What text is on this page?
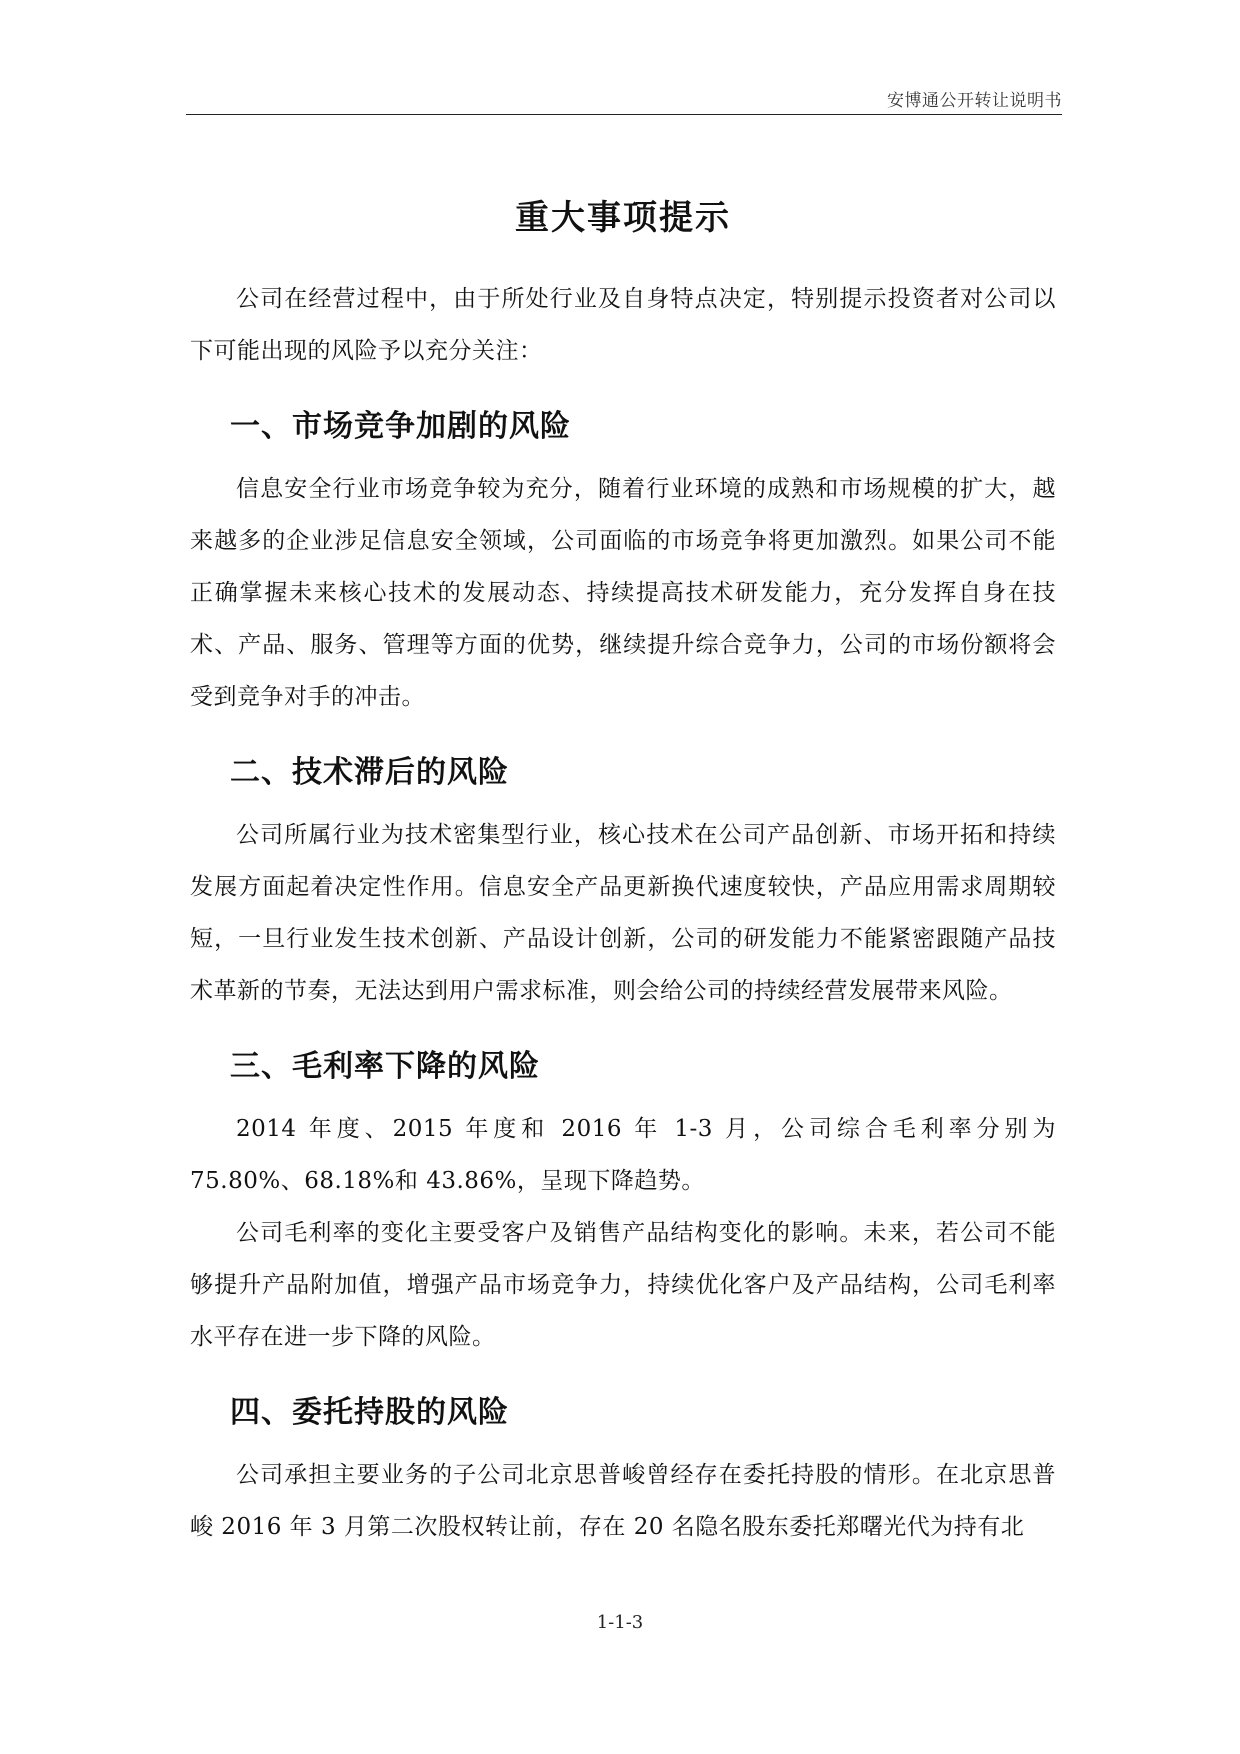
安博通公开转让说明书
重大事项提示

公司在经营过程中，由于所处行业及自身特点决定，特别提示投资者对公司以下可能出现的风险予以充分关注：

一、市场竞争加剧的风险

信息安全行业市场竞争较为充分，随着行业环境的成熟和市场规模的扩大，越来越多的企业涉足信息安全领域，公司面临的市场竞争将更加激烈。如果公司不能正确掌握未来核心技术的发展动态、持续提高技术研发能力，充分发挥自身在技术、产品、服务、管理等方面的优势，继续提升综合竞争力，公司的市场份额将会受到竞争对手的冲击。

二、技术滞后的风险

公司所属行业为技术密集型行业，核心技术在公司产品创新、市场开拓和持续发展方面起着决定性作用。信息安全产品更新换代速度较快，产品应用需求周期较短，一旦行业发生技术创新、产品设计创新，公司的研发能力不能紧密跟随产品技术革新的节奏，无法达到用户需求标准，则会给公司的持续经营发展带来风险。

三、毛利率下降的风险

2014 年度、2015 年度和 2016 年 1-3 月，公司综合毛利率分别为 75.80%、68.18%和 43.86%，呈现下降趋势。

公司毛利率的变化主要受客户及销售产品结构变化的影响。未来，若公司不能够提升产品附加值，增强产品市场竞争力，持续优化客户及产品结构，公司毛利率水平存在进一步下降的风险。

四、委托持股的风险

公司承担主要业务的子公司北京思普峻曾经存在委托持股的情形。在北京思普峻 2016 年 3 月第二次股权转让前，存在 20 名隐名股东委托郑曙光代为持有北

1-1-3
